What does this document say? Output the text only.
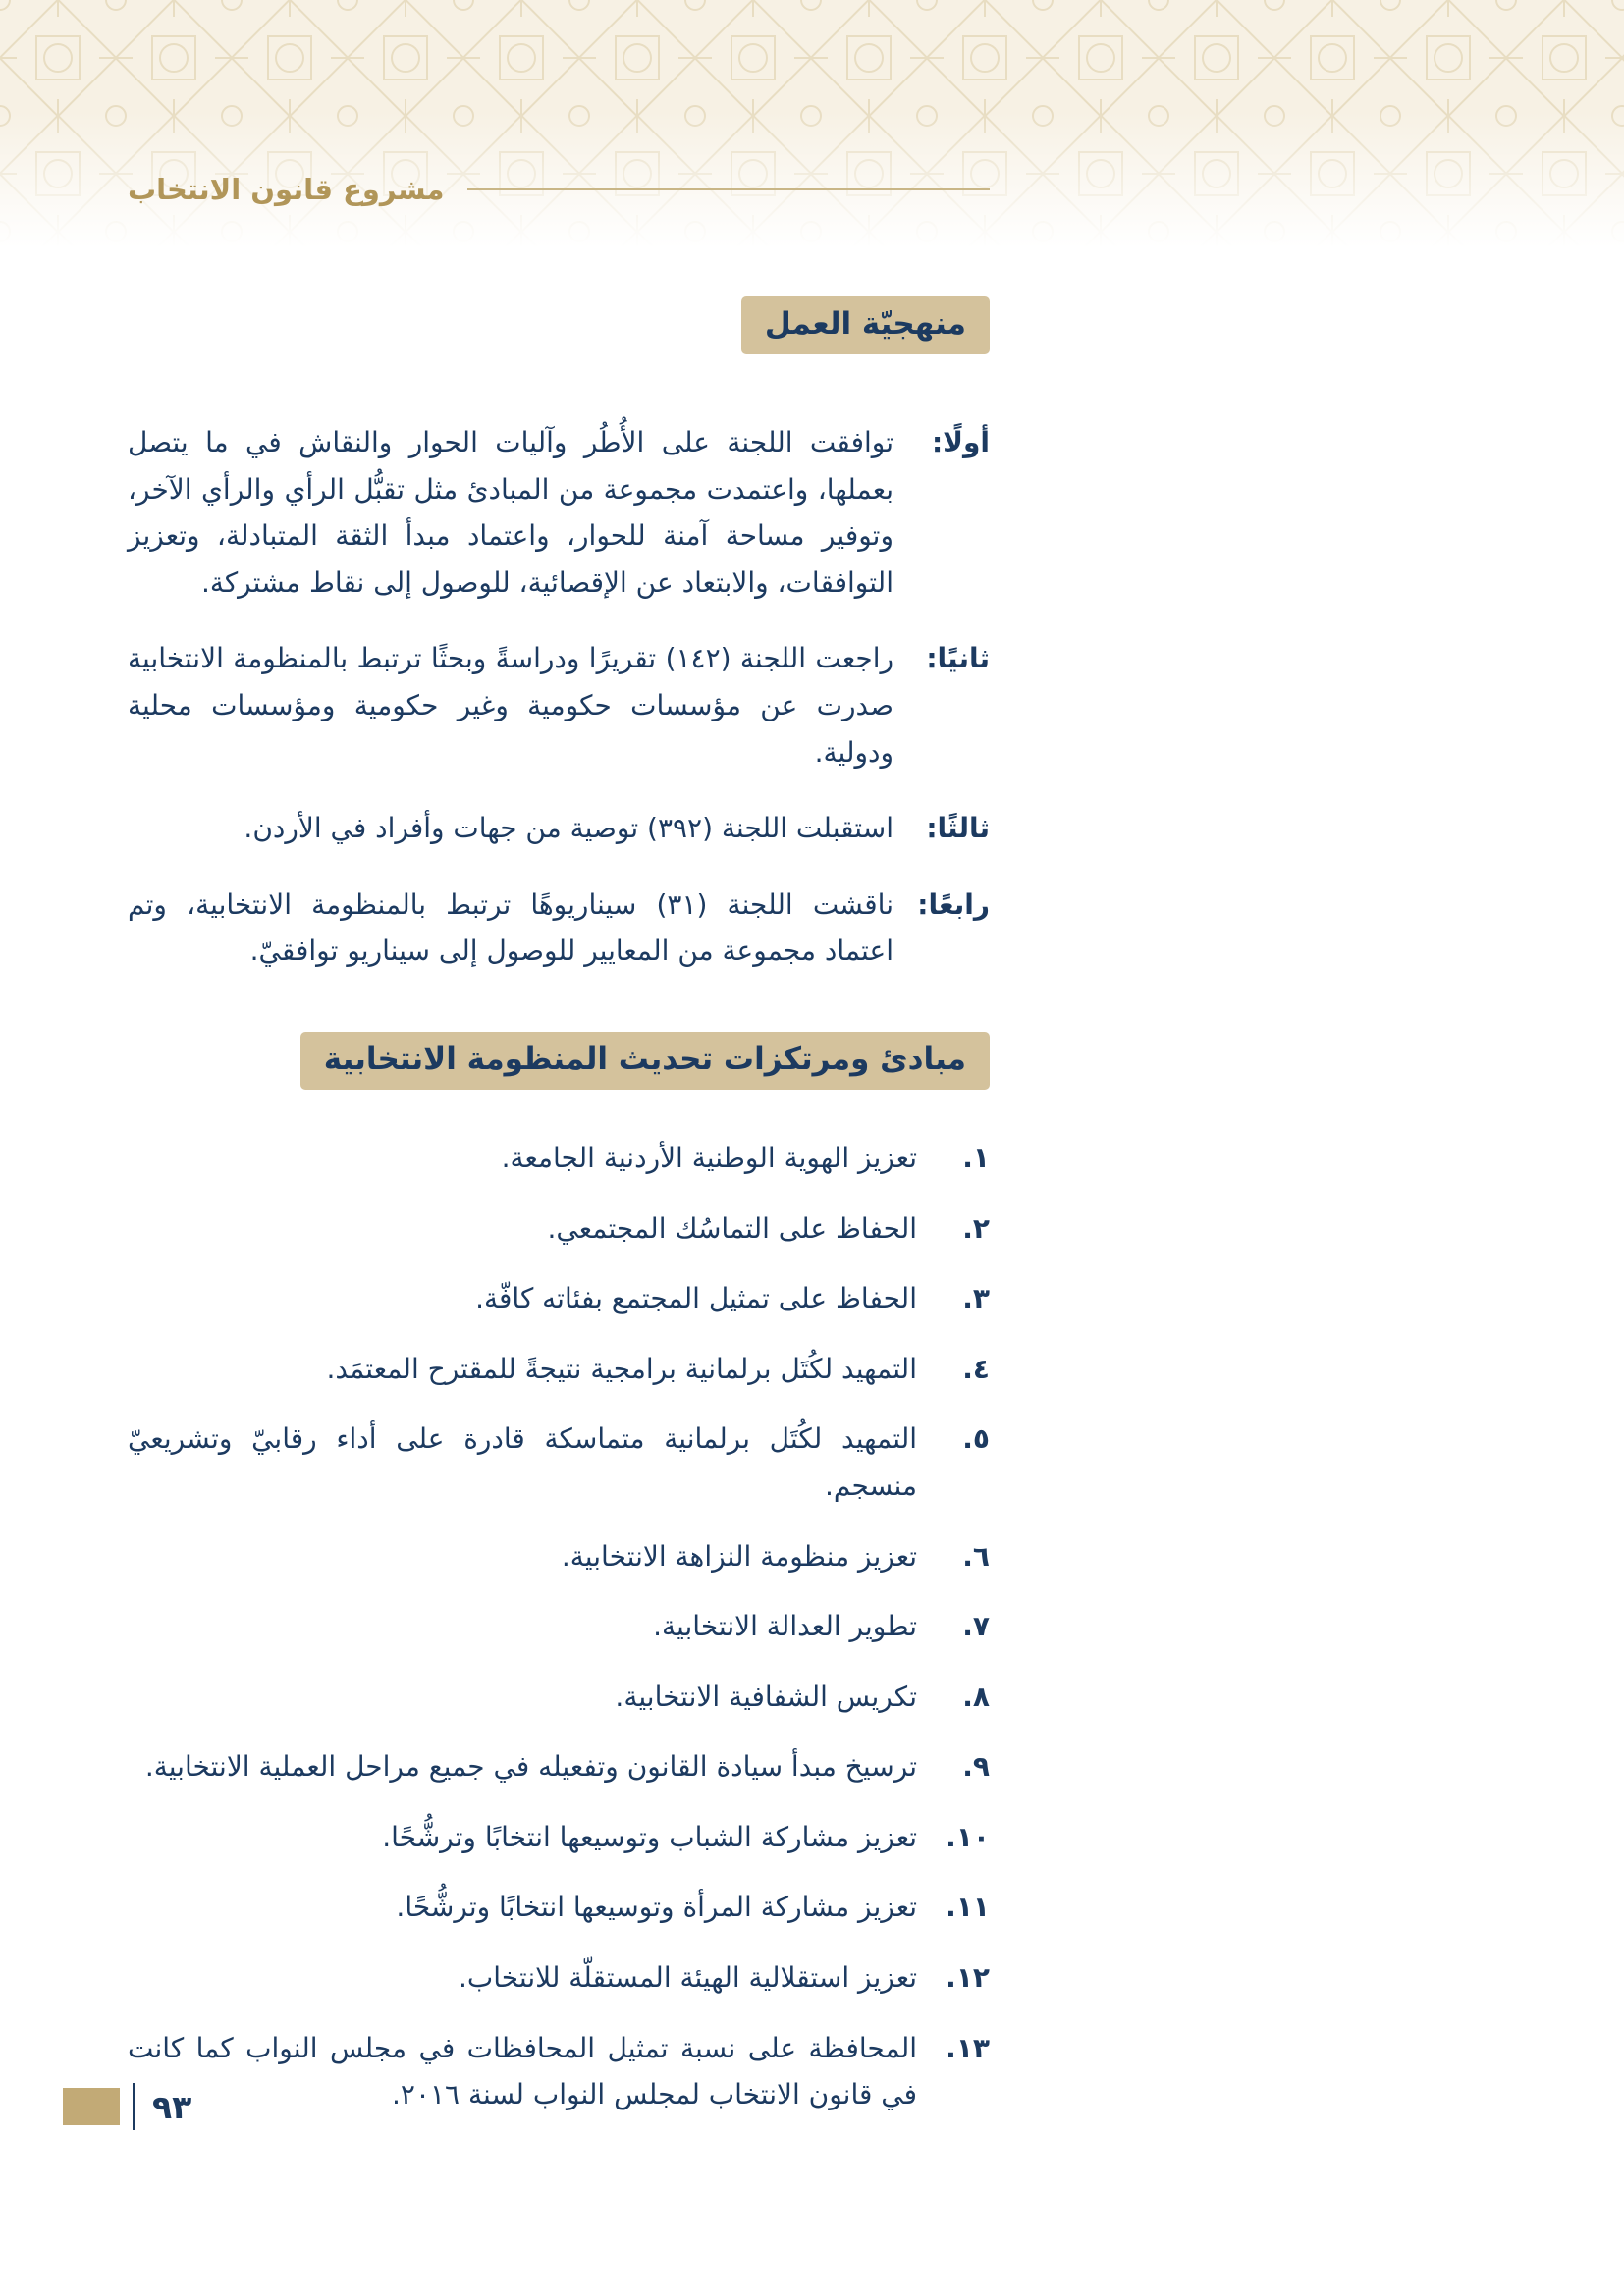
مشروع قانون الانتخاب
منهجيّة العمل
أولًا:
توافقت اللجنة على الأُطُر وآليات الحوار والنقاش في ما يتصل بعملها، واعتمدت مجموعة من المبادئ مثل تقبُّل الرأي والرأي الآخر، وتوفير مساحة آمنة للحوار، واعتماد مبدأ الثقة المتبادلة، وتعزيز التوافقات، والابتعاد عن الإقصائية، للوصول إلى نقاط مشتركة.
ثانيًا:
راجعت اللجنة (١٤٢) تقريرًا ودراسةً وبحثًا ترتبط بالمنظومة الانتخابية صدرت عن مؤسسات حكومية وغير حكومية ومؤسسات محلية ودولية.
ثالثًا:
استقبلت اللجنة (٣٩٢) توصية من جهات وأفراد في الأردن.
رابعًا:
ناقشت اللجنة (٣١) سيناريوهًا ترتبط بالمنظومة الانتخابية، وتم اعتماد مجموعة من المعايير للوصول إلى سيناريو توافقيّ.
مبادئ ومرتكزات تحديث المنظومة الانتخابية
١.
تعزيز الهوية الوطنية الأردنية الجامعة.
٢.
الحفاظ على التماسُك المجتمعي.
٣.
الحفاظ على تمثيل المجتمع بفئاته كافّة.
٤.
التمهيد لكُتَل برلمانية برامجية نتيجةً للمقترح المعتمَد.
٥.
التمهيد لكُتَل برلمانية متماسكة قادرة على أداء رقابيّ وتشريعيّ منسجم.
٦.
تعزيز منظومة النزاهة الانتخابية.
٧.
تطوير العدالة الانتخابية.
٨.
تكريس الشفافية الانتخابية.
٩.
ترسيخ مبدأ سيادة القانون وتفعيله في جميع مراحل العملية الانتخابية.
١٠.
تعزيز مشاركة الشباب وتوسيعها انتخابًا وترشُّحًا.
١١.
تعزيز مشاركة المرأة وتوسيعها انتخابًا وترشُّحًا.
١٢.
تعزيز استقلالية الهيئة المستقلّة للانتخاب.
١٣.
المحافظة على نسبة تمثيل المحافظات في مجلس النواب كما كانت في قانون الانتخاب لمجلس النواب لسنة ٢٠١٦.
٩٣
